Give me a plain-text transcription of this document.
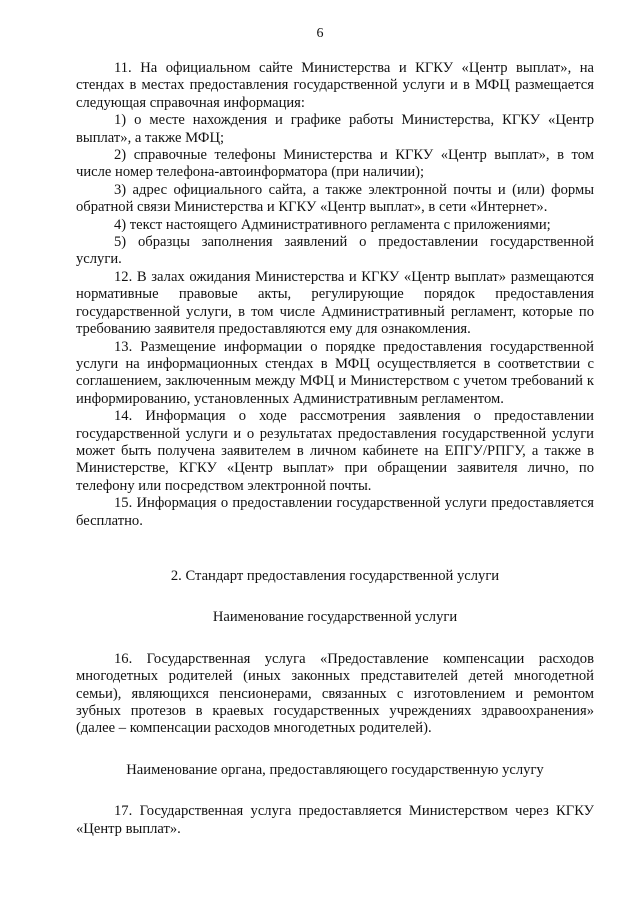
6

11. На официальном сайте Министерства и КГКУ «Центр выплат», на стендах в местах предоставления государственной услуги и в МФЦ размещается следующая справочная информация:

1) о месте нахождения и графике работы Министерства, КГКУ «Центр выплат», а также МФЦ;

2) справочные телефоны Министерства и КГКУ «Центр выплат», в том числе номер телефона-автоинформатора (при наличии);

3) адрес официального сайта, а также электронной почты и (или) формы обратной связи Министерства и КГКУ «Центр выплат», в сети «Интернет».

4) текст настоящего Административного регламента с приложениями;

5) образцы заполнения заявлений о предоставлении государственной услуги.

12. В залах ожидания Министерства и КГКУ «Центр выплат» размещаются нормативные правовые акты, регулирующие порядок предоставления государственной услуги, в том числе Административный регламент, которые по требованию заявителя предоставляются ему для ознакомления.

13. Размещение информации о порядке предоставления государственной услуги на информационных стендах в МФЦ осуществляется в соответствии с соглашением, заключенным между МФЦ и Министерством с учетом требований к информированию, установленных Административным регламентом.

14. Информация о ходе рассмотрения заявления о предоставлении государственной услуги и о результатах предоставления государственной услуги может быть получена заявителем в личном кабинете на ЕПГУ/РПГУ, а также в Министерстве, КГКУ «Центр выплат» при обращении заявителя лично, по телефону или посредством электронной почты.

15. Информация о предоставлении государственной услуги предоставляется бесплатно.

2. Стандарт предоставления государственной услуги

Наименование государственной услуги

16. Государственная услуга «Предоставление компенсации расходов многодетных родителей (иных законных представителей детей многодетной семьи), являющихся пенсионерами, связанных с изготовлением и ремонтом зубных протезов в краевых государственных учреждениях здравоохранения» (далее – компенсации расходов многодетных родителей).

Наименование органа, предоставляющего государственную услугу

17. Государственная услуга предоставляется Министерством через КГКУ «Центр выплат».
